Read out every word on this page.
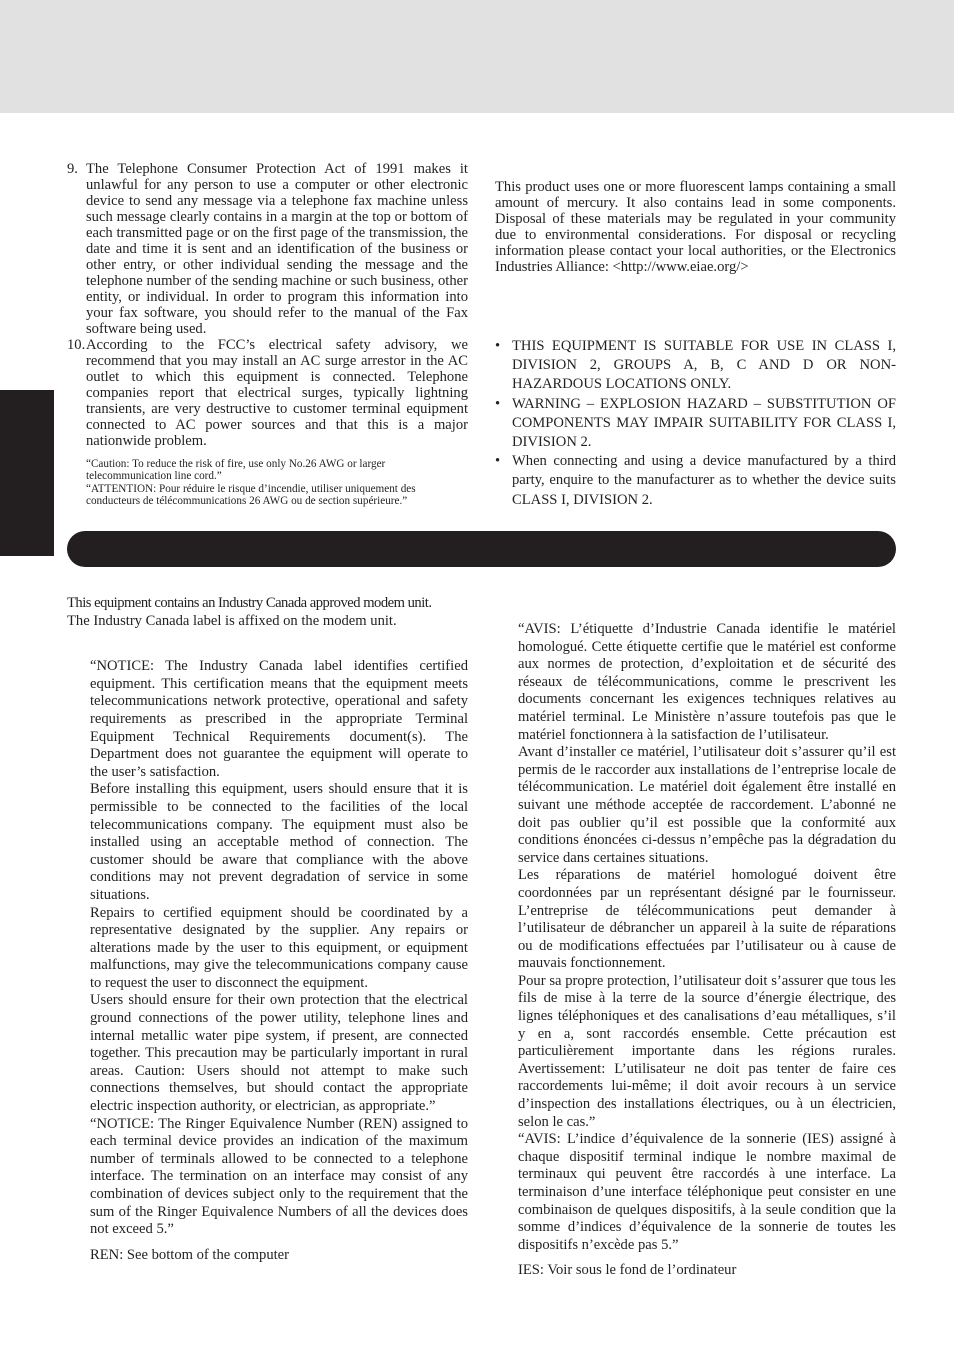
9. The Telephone Consumer Protection Act of 1991 makes it unlawful for any person to use a computer or other electronic device to send any message via a telephone fax machine unless such message clearly contains in a margin at the top or bottom of each transmitted page or on the first page of the transmission, the date and time it is sent and an identification of the business or other entry, or other individual sending the message and the telephone number of the sending machine or such business, other entity, or individual. In order to program this information into your fax software, you should refer to the manual of the Fax software being used.
10. According to the FCC’s electrical safety advisory, we recommend that you may install an AC surge arrestor in the AC outlet to which this equipment is connected. Telephone companies report that electrical surges, typically lightning transients, are very destructive to customer terminal equipment connected to AC power sources and that this is a major nationwide problem.

“Caution: To reduce the risk of fire, use only No.26 AWG or larger telecommunication line cord.”

“ATTENTION: Pour réduire le risque d’incendie, utiliser uniquement des conducteurs de télécommunications 26 AWG ou de section supérieure.”

This product uses one or more fluorescent lamps containing a small amount of mercury. It also contains lead in some components. Disposal of these materials may be regulated in your community due to environmental considerations. For disposal or recycling information please contact your local authorities, or the Electronics Industries Alliance: <http://www.eiae.org/>

• THIS EQUIPMENT IS SUITABLE FOR USE IN CLASS I, DIVISION 2, GROUPS A, B, C AND D OR NON-HAZARDOUS LOCATIONS ONLY.

• WARNING – EXPLOSION HAZARD – SUBSTITUTION OF COMPONENTS MAY IMPAIR SUITABILITY FOR CLASS I, DIVISION 2.

• When connecting and using a device manufactured by a third party, enquire to the manufacturer as to whether the device suits CLASS I, DIVISION 2.

This equipment contains an Industry Canada approved modem unit.

The Industry Canada label is affixed on the modem unit.

“NOTICE: The Industry Canada label identifies certified equipment. This certification means that the equipment meets telecommunications network protective, operational and safety requirements as prescribed in the appropriate Terminal Equipment Technical Requirements document(s). The Department does not guarantee the equipment will operate to the user’s satisfaction.

Before installing this equipment, users should ensure that it is permissible to be connected to the facilities of the local telecommunications company. The equipment must also be installed using an acceptable method of connection. The customer should be aware that compliance with the above conditions may not prevent degradation of service in some situations.

Repairs to certified equipment should be coordinated by a representative designated by the supplier. Any repairs or alterations made by the user to this equipment, or equipment malfunctions, may give the telecommunications company cause to request the user to disconnect the equipment.

Users should ensure for their own protection that the electrical ground connections of the power utility, telephone lines and internal metallic water pipe system, if present, are connected together. This precaution may be particularly important in rural areas. Caution: Users should not attempt to make such connections themselves, but should contact the appropriate electric inspection authority, or electrician, as appropriate.”

“NOTICE: The Ringer Equivalence Number (REN) assigned to each terminal device provides an indication of the maximum number of terminals allowed to be connected to a telephone interface. The termination on an interface may consist of any combination of devices subject only to the requirement that the sum of the Ringer Equivalence Numbers of all the devices does not exceed 5.”

REN: See bottom of the computer

“AVIS: L’étiquette d’Industrie Canada identifie le matériel homologué. Cette étiquette certifie que le matériel est conforme aux normes de protection, d’exploitation et de sécurité des réseaux de télécommunications, comme le prescrivent les documents concernant les exigences techniques relatives au matériel terminal. Le Ministère n’assure toutefois pas que le matériel fonctionnera à la satisfaction de l’utilisateur.

Avant d’installer ce matériel, l’utilisateur doit s’assurer qu’il est permis de le raccorder aux installations de l’entreprise locale de télécommunication. Le matériel doit également être installé en suivant une méthode acceptée de raccordement. L’abonné ne doit pas oublier qu’il est possible que la conformité aux conditions énoncées ci-dessus n’empêche pas la dégradation du service dans certaines situations.

Les réparations de matériel homologué doivent être coordonnées par un représentant désigné par le fournisseur. L’entreprise de télécommunications peut demander à l’utilisateur de débrancher un appareil à la suite de réparations ou de modifications effectuées par l’utilisateur ou à cause de mauvais fonctionnement.

Pour sa propre protection, l’utilisateur doit s’assurer que tous les fils de mise à la terre de la source d’énergie électrique, des lignes téléphoniques et des canalisations d’eau métalliques, s’il y en a, sont raccordés ensemble. Cette précaution est particulièrement importante dans les régions rurales. Avertissement: L’utilisateur ne doit pas tenter de faire ces raccordements lui-même; il doit avoir recours à un service d’inspection des installations électriques, ou à un électricien, selon le cas.”

“AVIS: L’indice d’équivalence de la sonnerie (IES) assigné à chaque dispositif terminal indique le nombre maximal de terminaux qui peuvent être raccordés à une interface. La terminaison d’une interface téléphonique peut consister en une combinaison de quelques dispositifs, à la seule condition que la somme d’indices d’équivalence de la sonnerie de toutes les dispositifs n’excède pas 5.”

IES: Voir sous le fond de l’ordinateur
